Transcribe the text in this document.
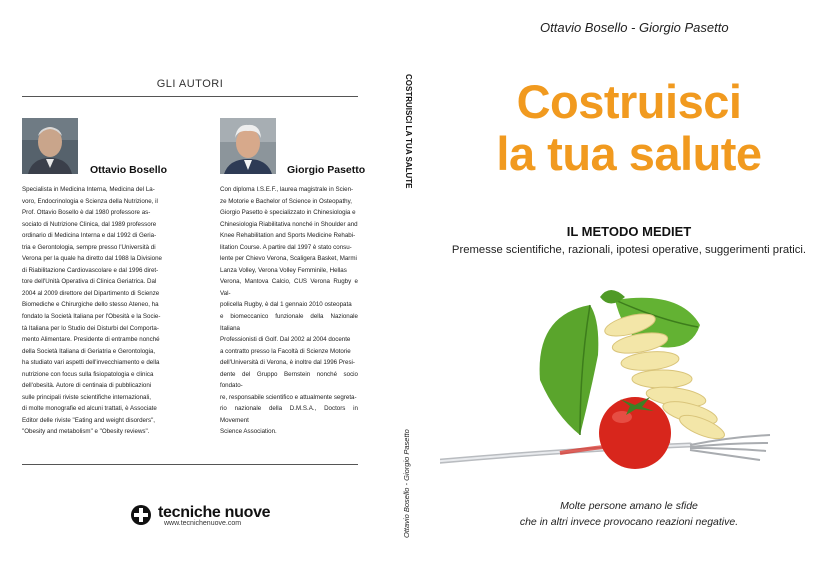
GLI AUTORI
Ottavio Bosello
Specialista in Medicina Interna, Medicina del La-
voro, Endocrinologia e Scienza della Nutrizione, il
Prof. Ottavio Bosello è dal 1980 professore as-
sociato di Nutrizione Clinica, dal 1989 professore
ordinario di Medicina Interna e dal 1992 di Geria-
tria e Gerontologia, sempre presso l'Università di
Verona per la quale ha diretto dal 1988 la Divisione
di Riabilitazione Cardiovascolare e dal 1996 diret-
tore dell'Unità Operativa di Clinica Geriatrica. Dal
2004 al 2009 direttore del Dipartimento di Scienze
Biomediche e Chirurgiche dello stesso Ateneo, ha
fondato la Società Italiana per l'Obesità e la Socie-
tà Italiana per lo Studio dei Disturbi del Comporta-
mento Alimentare. Presidente di entrambe nonché
della Società Italiana di Geriatria e Gerontologia,
ha studiato vari aspetti dell'invecchiamento e della
nutrizione con focus sulla fisiopatologia e clinica
dell'obesità. Autore di centinaia di pubblicazioni
sulle principali riviste scientifiche internazionali,
di molte monografie ed alcuni trattati, è Associate
Editor delle riviste "Eating and weight disorders",
"Obesity and metabolism" e "Obesity reviews".
Giorgio Pasetto
Con diploma I.S.E.F., laurea magistrale in Scien-
ze Motorie e Bachelor of Science in Osteopathy,
Giorgio Pasetto è specializzato in Chinesiologia e
Chinesiologia Riabilitativa nonché in Shoulder and
Knee Rehabilitation and Sports Medicine Rehabi-
litation Course. A partire dal 1997 è stato consu-
lente per Chievo Verona, Scaligera Basket, Marmi
Lanza Volley, Verona Volley Femminile, Hellas
Verona, Mantova Calcio, CUS Verona Rugby e Val-
policella Rugby, è dal 1 gennaio 2010 osteopata
e biomeccanico funzionale della Nazionale Italiana
Professionisti di Golf. Dal 2002 al 2004 docente
a contratto presso la Facoltà di Scienze Motorie
dell'Università di Verona, è inoltre dal 1996 Presi-
dente del Gruppo Bernstein nonché socio fondato-
re, responsabile scientifico e attualmente segreta-
rio nazionale della D.M.S.A., Doctors in Movement
Science Association.
tecniche nuove
www.tecnichenuove.com
COSTRUISCI LA TUA SALUTE
Ottavio Bosello - Giorgio Pasetto
Ottavio Bosello - Giorgio Pasetto
Costruisci
la tua salute
IL METODO MEDIET
Premesse scientifiche, razionali, ipotesi operative, suggerimenti pratici.
Molte persone amano le sfide
che in altri invece provocano reazioni negative.
